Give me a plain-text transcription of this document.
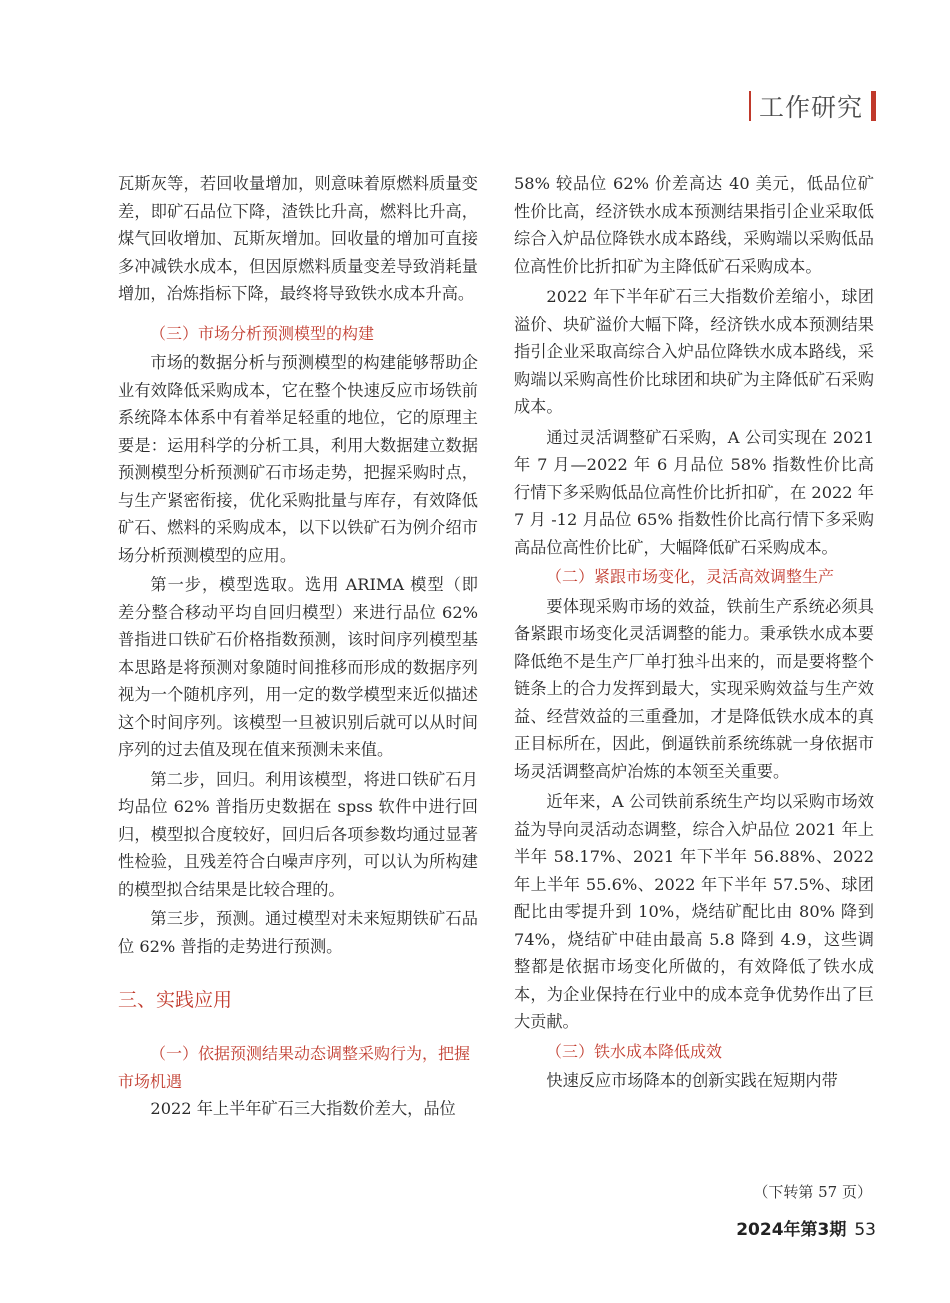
工作研究

瓦斯灰等，若回收量增加，则意味着原燃料质量变差，即矿石品位下降，渣铁比升高，燃料比升高，煤气回收增加、瓦斯灰增加。回收量的增加可直接多冲减铁水成本，但因原燃料质量变差导致消耗量增加，冶炼指标下降，最终将导致铁水成本升高。

（三）市场分析预测模型的构建

市场的数据分析与预测模型的构建能够帮助企业有效降低采购成本，它在整个快速反应市场铁前系统降本体系中有着举足轻重的地位，它的原理主要是：运用科学的分析工具，利用大数据建立数据预测模型分析预测矿石市场走势，把握采购时点，与生产紧密衔接，优化采购批量与库存，有效降低矿石、燃料的采购成本，以下以铁矿石为例介绍市场分析预测模型的应用。

第一步，模型选取。选用 ARIMA 模型（即差分整合移动平均自回归模型）来进行品位 62% 普指进口铁矿石价格指数预测，该时间序列模型基本思路是将预测对象随时间推移而形成的数据序列视为一个随机序列，用一定的数学模型来近似描述这个时间序列。该模型一旦被识别后就可以从时间序列的过去值及现在值来预测未来值。

第二步，回归。利用该模型，将进口铁矿石月均品位 62% 普指历史数据在 spss 软件中进行回归，模型拟合度较好，回归后各项参数均通过显著性检验，且残差符合白噪声序列，可以认为所构建的模型拟合结果是比较合理的。

第三步，预测。通过模型对未来短期铁矿石品位 62% 普指的走势进行预测。

三、实践应用

（一）依据预测结果动态调整采购行为，把握市场机遇

2022 年上半年矿石三大指数价差大，品位

58% 较品位 62% 价差高达 40 美元，低品位矿性价比高，经济铁水成本预测结果指引企业采取低综合入炉品位降铁水成本路线，采购端以采购低品位高性价比折扣矿为主降低矿石采购成本。

2022 年下半年矿石三大指数价差缩小，球团溢价、块矿溢价大幅下降，经济铁水成本预测结果指引企业采取高综合入炉品位降铁水成本路线，采购端以采购高性价比球团和块矿为主降低矿石采购成本。

通过灵活调整矿石采购，A 公司实现在 2021 年 7 月—2022 年 6 月品位 58% 指数性价比高行情下多采购低品位高性价比折扣矿，在 2022 年 7 月 -12 月品位 65% 指数性价比高行情下多采购高品位高性价比矿，大幅降低矿石采购成本。

（二）紧跟市场变化，灵活高效调整生产

要体现采购市场的效益，铁前生产系统必须具备紧跟市场变化灵活调整的能力。秉承铁水成本要降低绝不是生产厂单打独斗出来的，而是要将整个链条上的合力发挥到最大，实现采购效益与生产效益、经营效益的三重叠加，才是降低铁水成本的真正目标所在，因此，倒逼铁前系统练就一身依据市场灵活调整高炉冶炼的本领至关重要。

近年来，A 公司铁前系统生产均以采购市场效益为导向灵活动态调整，综合入炉品位 2021 年上半年 58.17%、2021 年下半年 56.88%、2022 年上半年 55.6%、2022 年下半年 57.5%、球团配比由零提升到 10%，烧结矿配比由 80% 降到 74%，烧结矿中硅由最高 5.8 降到 4.9，这些调整都是依据市场变化所做的，有效降低了铁水成本，为企业保持在行业中的成本竞争优势作出了巨大贡献。

（三）铁水成本降低成效

快速反应市场降本的创新实践在短期内带

（下转第 57 页）
2024年第3期 53
